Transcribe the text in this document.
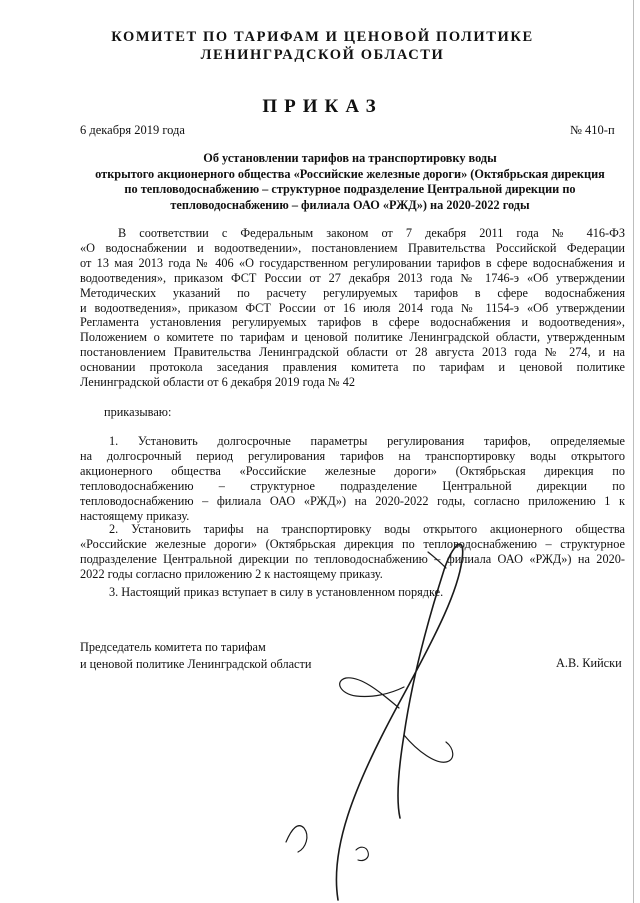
КОМИТЕТ ПО ТАРИФАМ И ЦЕНОВОЙ ПОЛИТИКЕ
ЛЕНИНГРАДСКОЙ ОБЛАСТИ
ПРИКАЗ
6 декабря 2019 года	№ 410-п
Об установлении тарифов на транспортировку воды
открытого акционерного общества «Российские железные дороги» (Октябрьская дирекция
по тепловодоснабжению – структурное подразделение Центральной дирекции по
тепловодоснабжению – филиала ОАО «РЖД») на 2020-2022 годы
В соответствии с Федеральным законом от 7 декабря 2011 года № 416-ФЗ
«О водоснабжении и водоотведении», постановлением Правительства Российской Федерации
от 13 мая 2013 года № 406 «О государственном регулировании тарифов в сфере водоснабжения и
водоотведения», приказом ФСТ России от 27 декабря 2013 года № 1746-э «Об утверждении
Методических указаний по расчету регулируемых тарифов в сфере водоснабжения
и водоотведения», приказом ФСТ России от 16 июля 2014 года № 1154-э «Об утверждении
Регламента установления регулируемых тарифов в сфере водоснабжения и водоотведения»,
Положением о комитете по тарифам и ценовой политике Ленинградской области, утвержденным
постановлением Правительства Ленинградской области от 28 августа 2013 года № 274, и на
основании протокола заседания правления комитета по тарифам и ценовой политике
Ленинградской области от 6 декабря 2019 года № 42
приказываю:
1. Установить долгосрочные параметры регулирования тарифов, определяемые
на долгосрочный период регулирования тарифов на транспортировку воды открытого
акционерного общества «Российские железные дороги» (Октябрьская дирекция по
тепловодоснабжению – структурное подразделение Центральной дирекции по
тепловодоснабжению – филиала ОАО «РЖД») на 2020-2022 годы, согласно приложению 1 к
настоящему приказу.
2. Установить тарифы на транспортировку воды открытого акционерного общества
«Российские железные дороги» (Октябрьская дирекция по тепловодоснабжению – структурное
подразделение Центральной дирекции по тепловодоснабжению – филиала ОАО «РЖД») на 2020-
2022 годы согласно приложению 2 к настоящему приказу.
3. Настоящий приказ вступает в силу в установленном порядке.
Председатель комитета по тарифам
и ценовой политике Ленинградской области	А.В. Кийски
